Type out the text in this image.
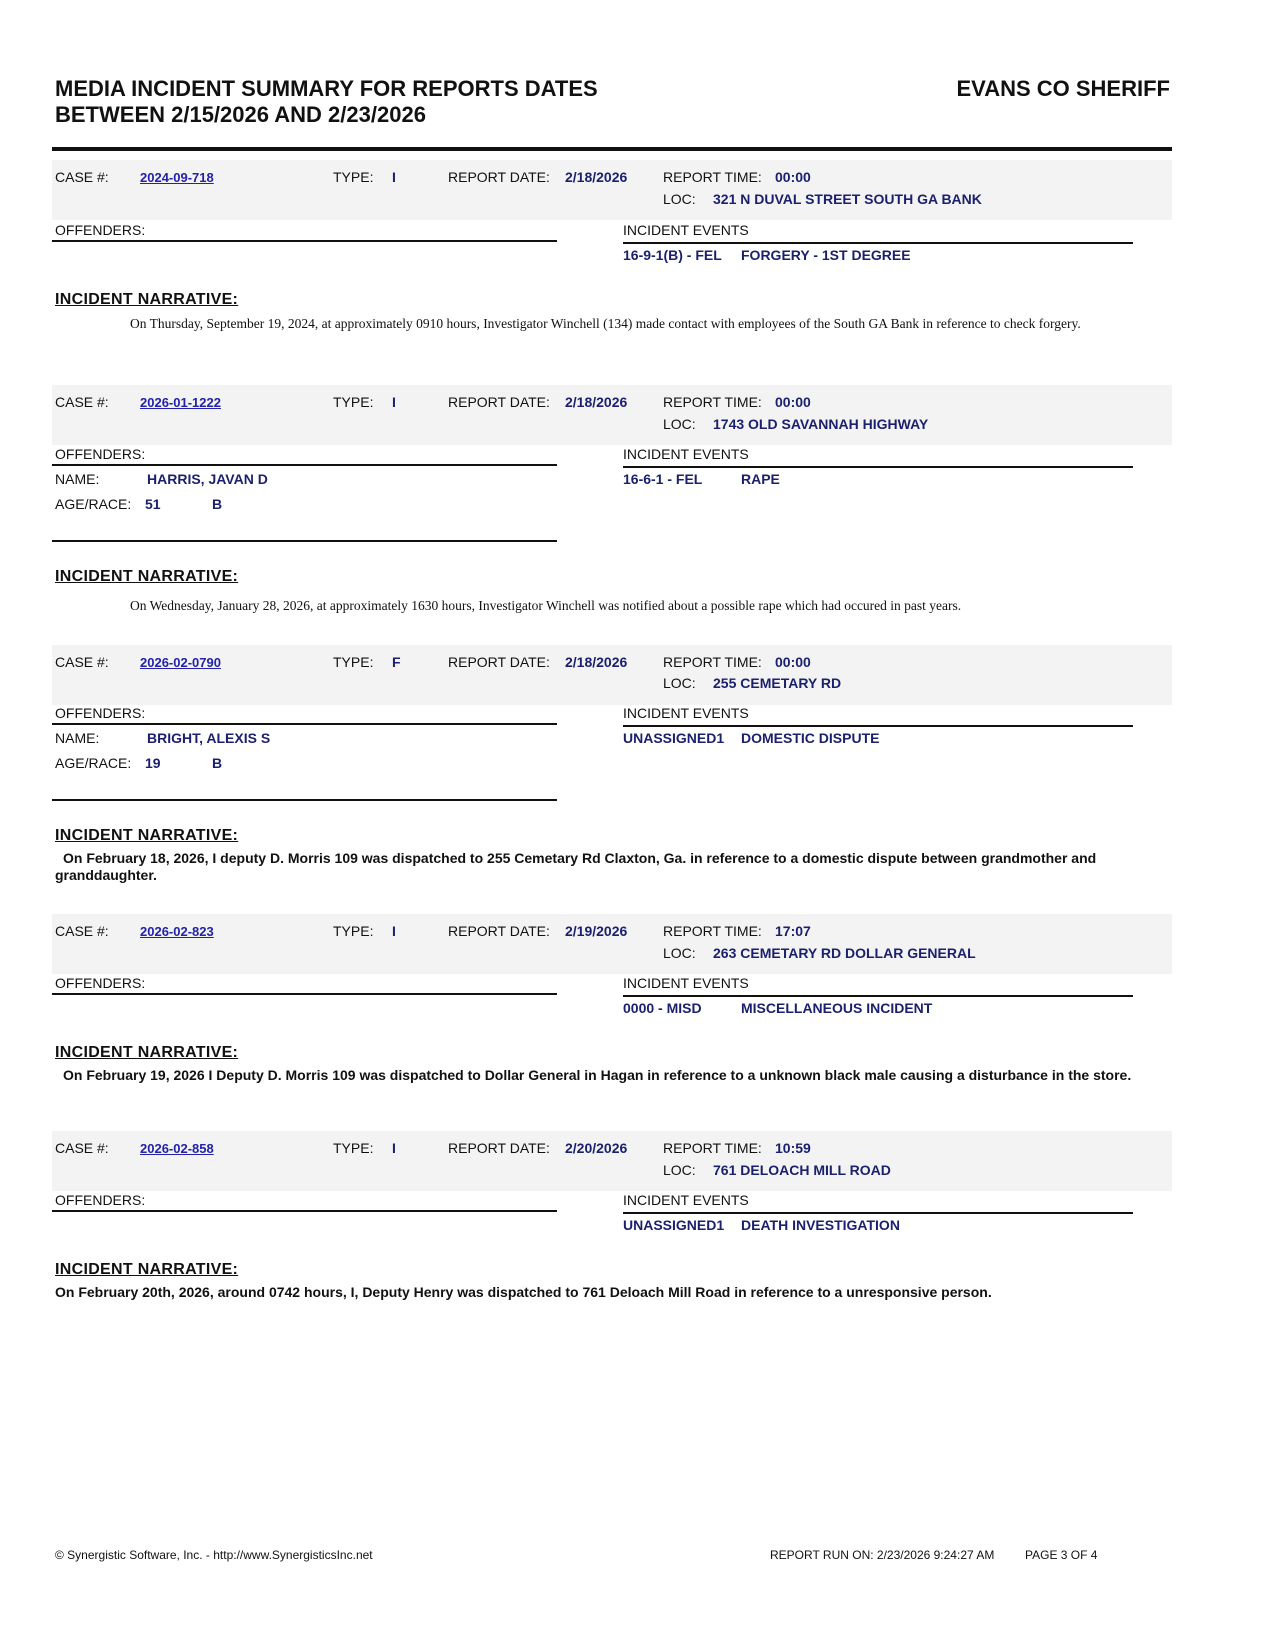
MEDIA INCIDENT SUMMARY FOR REPORTS DATES
BETWEEN 2/15/2026 AND 2/23/2026
EVANS CO SHERIFF
CASE #: 2024-09-718	TYPE: I	REPORT DATE: 2/18/2026	REPORT TIME: 00:00
LOC: 321 N DUVAL STREET SOUTH GA BANK
OFFENDERS:	INCIDENT EVENTS
16-9-1(B) - FEL FORGERY - 1ST DEGREE
INCIDENT NARRATIVE:
On Thursday, September 19, 2024, at approximately 0910 hours, Investigator Winchell (134) made contact with employees of the South GA Bank in reference to check forgery.
CASE #: 2026-01-1222	TYPE: I	REPORT DATE: 2/18/2026	REPORT TIME: 00:00
LOC: 1743 OLD SAVANNAH HIGHWAY
OFFENDERS:	INCIDENT EVENTS
NAME:	HARRIS, JAVAN D
AGE/RACE: 51	B
16-6-1 - FEL	RAPE
INCIDENT NARRATIVE:
On Wednesday, January 28, 2026, at approximately 1630 hours, Investigator Winchell was notified about a possible rape which had occured in past years.
CASE #: 2026-02-0790	TYPE: F	REPORT DATE: 2/18/2026	REPORT TIME: 00:00
LOC: 255 CEMETARY RD
OFFENDERS:	INCIDENT EVENTS
NAME:	BRIGHT, ALEXIS S
AGE/RACE: 19	B
UNASSIGNED1 DOMESTIC DISPUTE
INCIDENT NARRATIVE:
On February 18, 2026, I deputy D. Morris 109 was dispatched to 255 Cemetary Rd Claxton, Ga. in reference to a domestic dispute between grandmother and granddaughter.
CASE #: 2026-02-823	TYPE: I	REPORT DATE: 2/19/2026	REPORT TIME: 17:07
LOC: 263 CEMETARY RD DOLLAR GENERAL
OFFENDERS:	INCIDENT EVENTS
0000 - MISD	MISCELLANEOUS INCIDENT
INCIDENT NARRATIVE:
On February 19, 2026 I Deputy D. Morris 109 was dispatched to Dollar General in Hagan in reference to a unknown black male causing a disturbance in the store.
CASE #: 2026-02-858	TYPE: I	REPORT DATE: 2/20/2026	REPORT TIME: 10:59
LOC: 761 DELOACH MILL ROAD
OFFENDERS:	INCIDENT EVENTS
UNASSIGNED1 DEATH INVESTIGATION
INCIDENT NARRATIVE:
On February 20th, 2026, around 0742 hours, I, Deputy Henry was dispatched to 761 Deloach Mill Road in reference to a unresponsive person.
© Synergistic Software, Inc. - http://www.SynergisticsInc.net	REPORT RUN ON: 2/23/2026 9:24:27 AM	PAGE 3 OF 4
